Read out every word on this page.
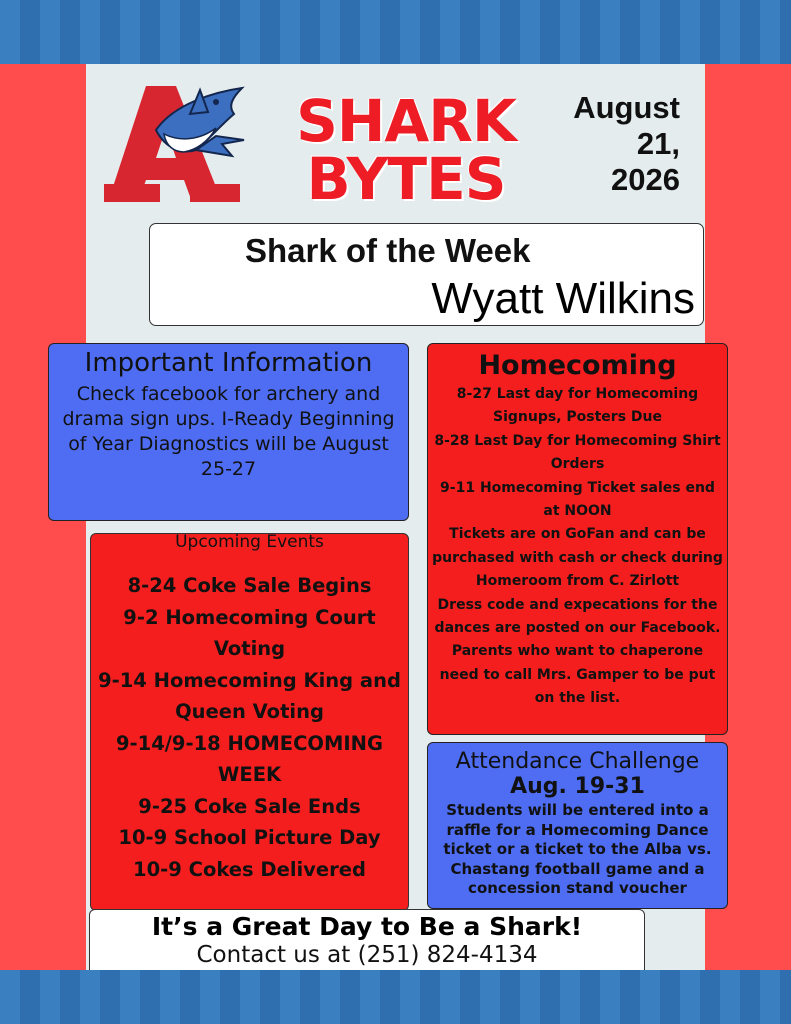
SHARK
BYTES
August
21,
2026
Shark of the Week
Wyatt Wilkins
Important Information

Check facebook for archery and drama sign ups. I-Ready Beginning of Year Diagnostics will be August 25-27

Upcoming Events
8-24 Coke Sale Begins
9-2 Homecoming Court Voting
9-14 Homecoming King and Queen Voting
9-14/9-18 HOMECOMING WEEK
9-25 Coke Sale Ends
10-9 School Picture Day
10-9 Cokes Delivered
Homecoming
8-27 Last day for Homecoming Signups, Posters Due
8-28 Last Day for Homecoming Shirt Orders
9-11 Homecoming Ticket sales end at NOON
Tickets are on GoFan and can be purchased with cash or check during Homeroom from C. Zirlott
Dress code and expecations for the dances are posted on our Facebook.
Parents who want to chaperone need to call Mrs. Gamper to be put on the list.
Attendance Challenge
Aug. 19-31

Students will be entered into a raffle for a Homecoming Dance ticket or a ticket to the Alba vs. Chastang football game and a concession stand voucher

It’s a Great Day to Be a Shark!
Contact us at (251) 824-4134
